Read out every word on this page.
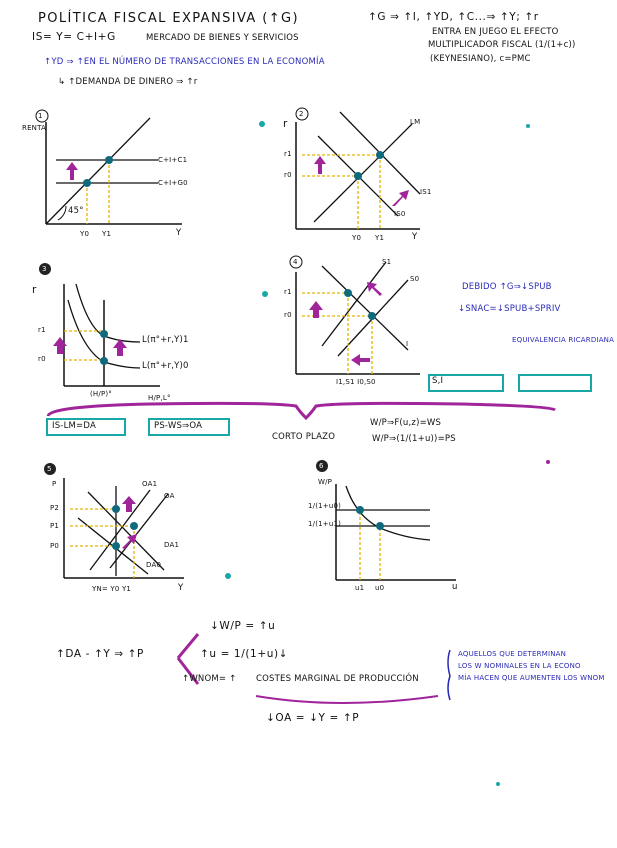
POLÍTICA FISCAL EXPANSIVA (↑G)
IS= Y= C+I+G	MERCADO DE BIENES Y SERVICIOS
↑G ⇒ ↑I, ↑YD, ↑C...⇒ ↑Y; ↑r
ENTRA EN JUEGO EL EFECTO
MULTIPLICADOR FISCAL (1/(1+c))
(KEYNESIANO), c=PMC
↑YD ⇒ ↑EN EL NÚMERO DE TRANSACCIONES EN LA ECONOMÍA
↳ ↑DEMANDA DE DINERO ⇒ ↑r
1
RENTA
Y
C+I+C1
C+I+G0
45°
Y0 Y1
2
r
Y
LM
IS1
IS0
r1
r0
Y0 Y1
3
r
r1
r0
L(π°+r,Y)1
L(π°+r,Y)0
(H/P)°	H/P,L°
4	S1
S0
I
r1
r0
I1,S1 I0,S0	S,I
DEBIDO ↑G⇒↓SPUB
↓SNAC=↓SPUB+SPRIV
EQUIVALENCIA RICARDIANA
IS-LM=DA	PS-WS⇒OA
CORTO PLAZO
W/P⇒F(u,z)=WS
W/P⇒(1/(1+u))=PS
5
P
P2
P1
P0
OA1
OA
DA1
DA0
YN= Y0 Y1	Y
6
W/P
1/(1+u0)
1/(1+u1)
u1 u0	u
↓W/P = ↑u
↑DA - ↑Y ⇒ ↑P	↑u = 1/(1+u)↓
↑WNOM= ↑ COSTES MARGINAL DE PRODUCCIÓN
↓OA = ↓Y = ↑P
AQUELLOS QUE DETERMINAN
LOS W NOMINALES EN LA ECONO
MÍA HACEN QUE AUMENTEN LOS WNOM
